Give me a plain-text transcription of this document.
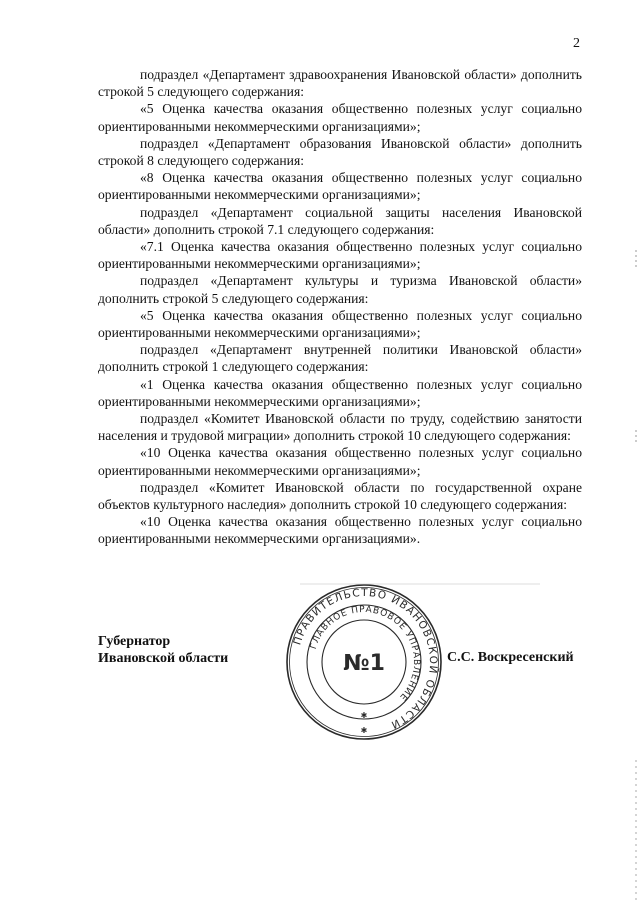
2

подраздел «Департамент здравоохранения Ивановской области» дополнить строкой 5 следующего содержания:

«5 Оценка качества оказания общественно полезных услуг социально ориентированными некоммерческими организациями»;

подраздел «Департамент образования Ивановской области» дополнить строкой 8 следующего содержания:

«8 Оценка качества оказания общественно полезных услуг социально ориентированными некоммерческими организациями»;

подраздел «Департамент социальной защиты населения Ивановской области» дополнить строкой 7.1 следующего содержания:

«7.1 Оценка качества оказания общественно полезных услуг социально ориентированными некоммерческими организациями»;

подраздел «Департамент культуры и туризма Ивановской области» дополнить строкой 5 следующего содержания:

«5 Оценка качества оказания общественно полезных услуг социально ориентированными некоммерческими организациями»;

подраздел «Департамент внутренней политики Ивановской области» дополнить строкой 1 следующего содержания:

«1 Оценка качества оказания общественно полезных услуг социально ориентированными некоммерческими организациями»;

подраздел «Комитет Ивановской области по труду, содействию занятости населения и трудовой миграции» дополнить строкой 10 следующего содержания:

«10 Оценка качества оказания общественно полезных услуг социально ориентированными некоммерческими организациями»;

подраздел «Комитет Ивановской области по государственной охране объектов культурного наследия» дополнить строкой 10 следующего содержания:

«10 Оценка качества оказания общественно полезных услуг социально ориентированными некоммерческими организациями».

Губернатор
Ивановской области	С.С. Воскресенский
ПРАВИТЕЛЬСТВО ИВАНОВСКОЙ ОБЛАСТИ
ГЛАВНОЕ ПРАВОВОЕ УПРАВЛЕНИЕ
№1
✱
✱
